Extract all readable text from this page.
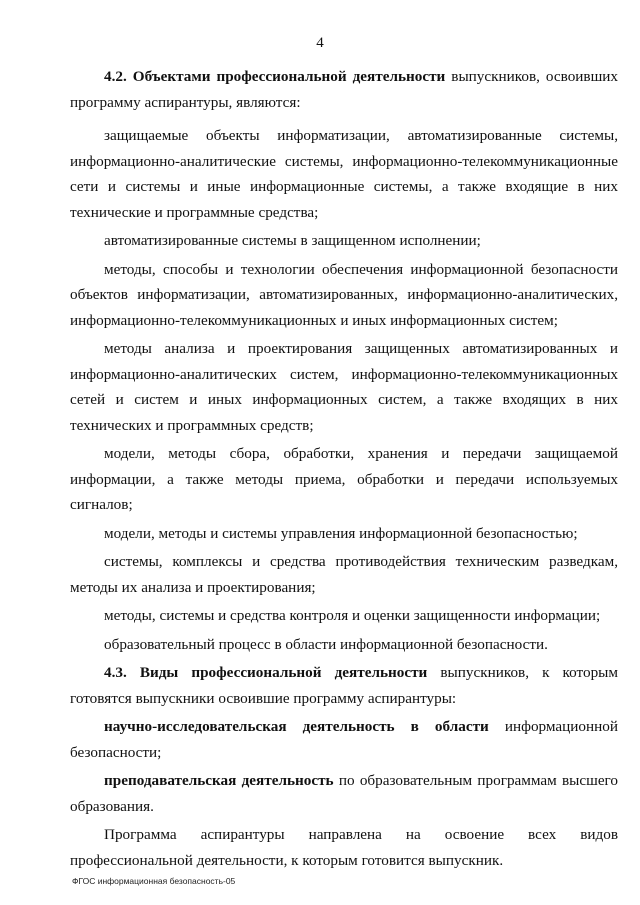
4

4.2. Объектами профессиональной деятельности выпускников, освоивших программу аспирантуры, являются:

защищаемые объекты информатизации, автоматизированные системы, информационно-аналитические системы, информационно-телекоммуникационные сети и системы и иные информационные системы, а также входящие в них технические и программные средства;

автоматизированные системы в защищенном исполнении;

методы, способы и технологии обеспечения информационной безопасности объектов информатизации, автоматизированных, информационно-аналитических, информационно-телекоммуникационных и иных информационных систем;

методы анализа и проектирования защищенных автоматизированных и информационно-аналитических систем, информационно-телекоммуникационных сетей и систем и иных информационных систем, а также входящих в них технических и программных средств;

модели, методы сбора, обработки, хранения и передачи защищаемой информации, а также методы приема, обработки и передачи используемых сигналов;

модели, методы и системы управления информационной безопасностью;

системы, комплексы и средства противодействия техническим разведкам, методы их анализа и проектирования;

методы, системы и средства контроля и оценки защищенности информации;

образовательный процесс в области информационной безопасности.

4.3. Виды профессиональной деятельности выпускников, к которым готовятся выпускники освоившие программу аспирантуры:

научно-исследовательская деятельность в области информационной безопасности;

преподавательская деятельность по образовательным программам высшего образования.

Программа аспирантуры направлена на освоение всех видов профессиональной деятельности, к которым готовится выпускник.

ФГОС информационная безопасность-05
